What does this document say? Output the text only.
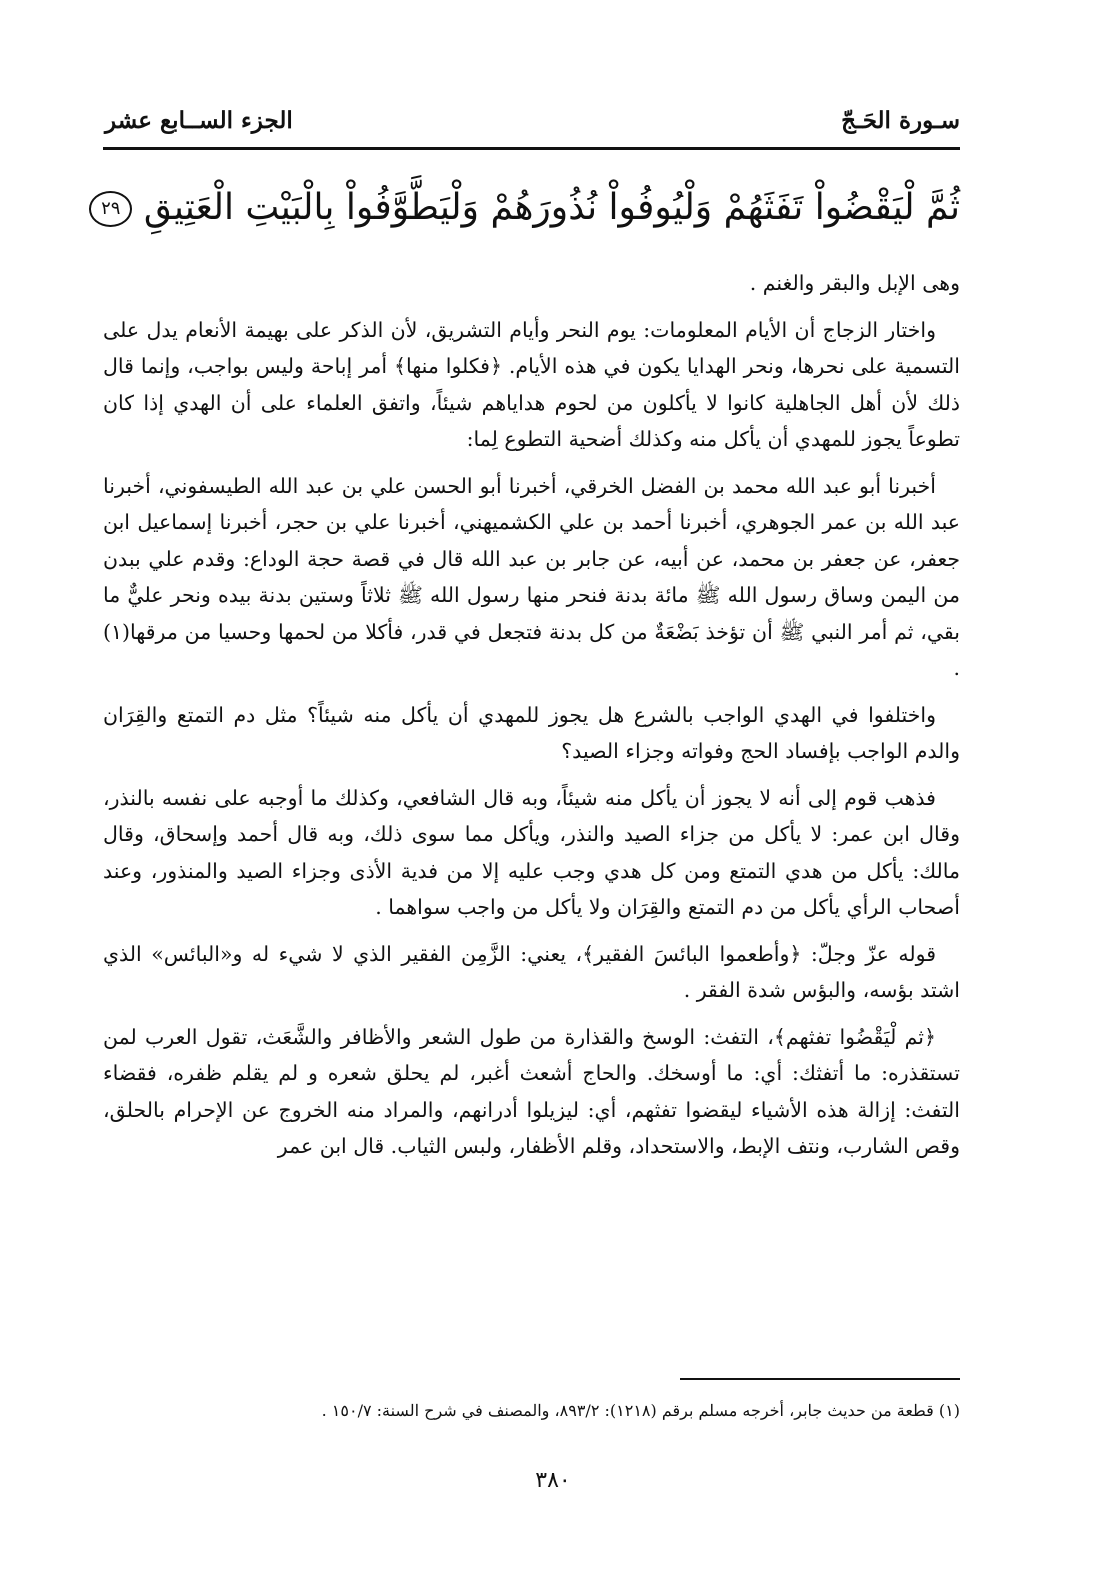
سـورة الحَـجّ
الجزء الســابع عشر
ثُمَّ لْيَقْضُواْ تَفَثَهُمْ وَلْيُوفُواْ نُذُورَهُمْ وَلْيَطَّوَّفُواْ بِالْبَيْتِ الْعَتِيقِ ٢٩

وهى الإبل والبقر والغنم .

واختار الزجاج أن الأيام المعلومات: يوم النحر وأيام التشريق، لأن الذكر على بهيمة الأنعام يدل على التسمية على نحرها، ونحر الهدايا يكون في هذه الأيام. ﴿فكلوا منها﴾ أمر إباحة وليس بواجب، وإنما قال ذلك لأن أهل الجاهلية كانوا لا يأكلون من لحوم هداياهم شيئاً، واتفق العلماء على أن الهدي إذا كان تطوعاً يجوز للمهدي أن يأكل منه وكذلك أضحية التطوع لِما:

أخبرنا أبو عبد الله محمد بن الفضل الخرقي، أخبرنا أبو الحسن علي بن عبد الله الطيسفوني، أخبرنا عبد الله بن عمر الجوهري، أخبرنا أحمد بن علي الكشميهني، أخبرنا علي بن حجر، أخبرنا إسماعيل ابن جعفر، عن جعفر بن محمد، عن أبيه، عن جابر بن عبد الله قال في قصة حجة الوداع: وقدم علي ببدن من اليمن وساق رسول الله ﷺ مائة بدنة فنحر منها رسول الله ﷺ ثلاثاً وستين بدنة بيده ونحر عليٌّ ما بقي، ثم أمر النبي ﷺ أن تؤخذ بَضْعَةٌ من كل بدنة فتجعل في قدر، فأكلا من لحمها وحسيا من مرقها(١) .

واختلفوا في الهدي الواجب بالشرع هل يجوز للمهدي أن يأكل منه شيئاً؟ مثل دم التمتع والقِرَان والدم الواجب بإفساد الحج وفواته وجزاء الصيد؟

فذهب قوم إلى أنه لا يجوز أن يأكل منه شيئاً، وبه قال الشافعي، وكذلك ما أوجبه على نفسه بالنذر، وقال ابن عمر: لا يأكل من جزاء الصيد والنذر، ويأكل مما سوى ذلك، وبه قال أحمد وإسحاق، وقال مالك: يأكل من هدي التمتع ومن كل هدي وجب عليه إلا من فدية الأذى وجزاء الصيد والمنذور، وعند أصحاب الرأي يأكل من دم التمتع والقِرَان ولا يأكل من واجب سواهما .

قوله عزّ وجلّ: ﴿وأطعموا البائسَ الفقير﴾، يعني: الزَّمِن الفقير الذي لا شيء له و«البائس» الذي اشتد بؤسه، والبؤس شدة الفقر .

﴿ثم لْيَقْضُوا تفثهم﴾، التفث: الوسخ والقذارة من طول الشعر والأظافر والشَّعَث، تقول العرب لمن تستقذره: ما أتفثك: أي: ما أوسخك. والحاج أشعث أغبر، لم يحلق شعره و لم يقلم ظفره، فقضاء التفث: إزالة هذه الأشياء ليقضوا تفثهم، أي: ليزيلوا أدرانهم، والمراد منه الخروج عن الإحرام بالحلق، وقص الشارب، ونتف الإبط، والاستحداد، وقلم الأظفار، ولبس الثياب. قال ابن عمر

(١) قطعة من حديث جابر، أخرجه مسلم برقم (١٢١٨): ٨٩٣/٢، والمصنف في شرح السنة: ١٥٠/٧ .
٣٨٠
